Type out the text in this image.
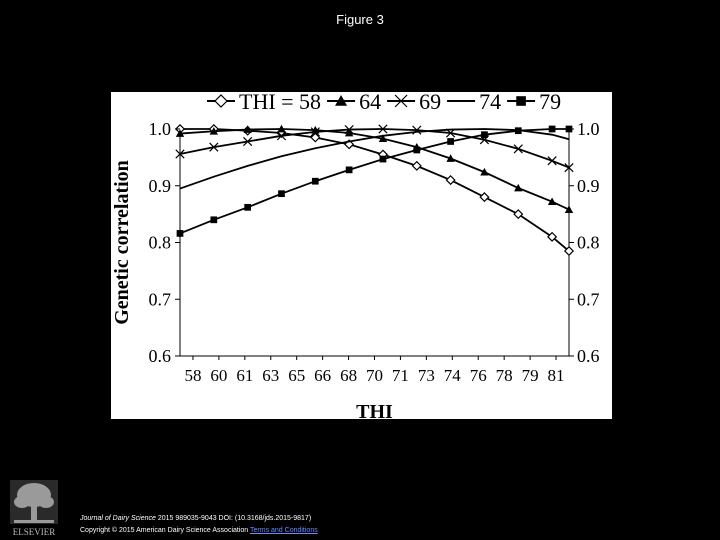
Figure 3
0.6
0.7
0.8
0.9
1.0
0.6
0.7
0.8
0.9
1.0
58 60 61 63 65 66 68 70 71 73 74 76 78 79 81
THI
Genetic correlation
THI = 58 64 69 74 79
ELSEVIER
Journal of Dairy Science 2015 989035-9043 DOI: (10.3168/jds.2015-9817)
Copyright © 2015 American Dairy Science Association Terms and Conditions
